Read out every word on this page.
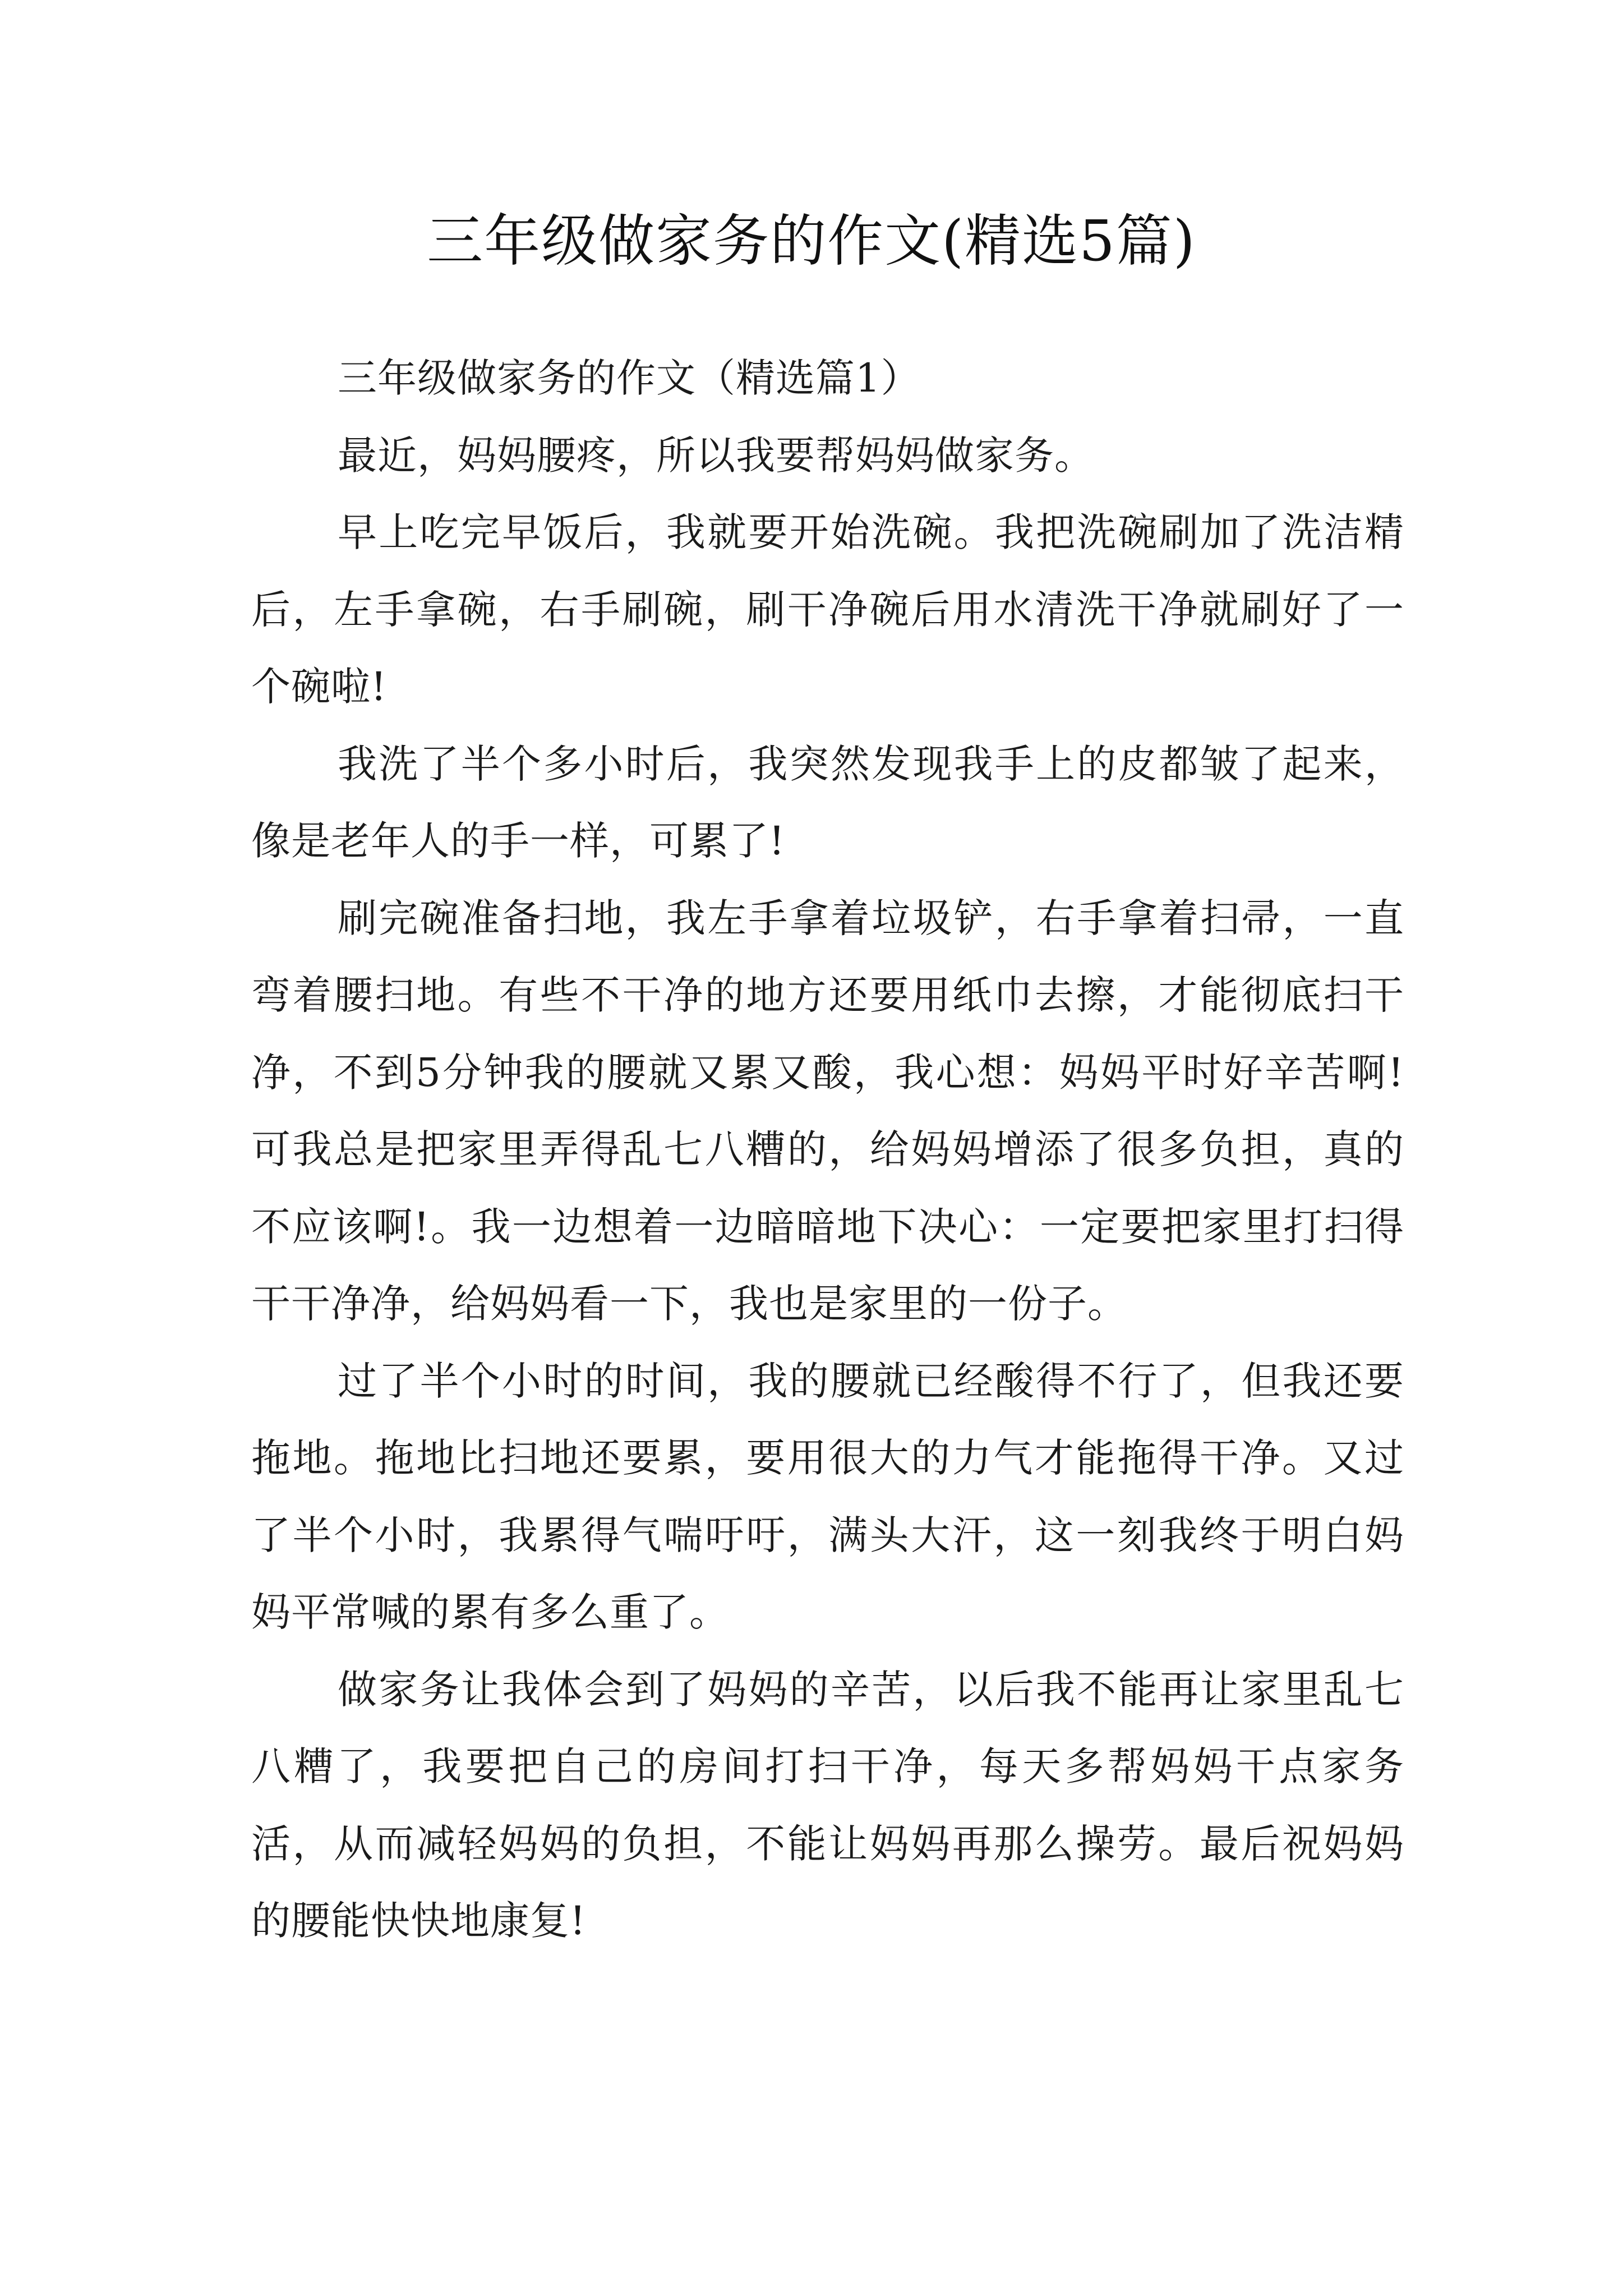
三年级做家务的作文(精选5篇)

三年级做家务的作文（精选篇1）

最近，妈妈腰疼，所以我要帮妈妈做家务。

早上吃完早饭后，我就要开始洗碗。我把洗碗刷加了洗洁精后，左手拿碗，右手刷碗，刷干净碗后用水清洗干净就刷好了一个碗啦!

我洗了半个多小时后，我突然发现我手上的皮都皱了起来，像是老年人的手一样，可累了!

刷完碗准备扫地，我左手拿着垃圾铲，右手拿着扫帚，一直弯着腰扫地。有些不干净的地方还要用纸巾去擦，才能彻底扫干净，不到5分钟我的腰就又累又酸，我心想：妈妈平时好辛苦啊!可我总是把家里弄得乱七八糟的，给妈妈增添了很多负担，真的不应该啊!。我一边想着一边暗暗地下决心：一定要把家里打扫得干干净净，给妈妈看一下，我也是家里的一份子。

过了半个小时的时间，我的腰就已经酸得不行了，但我还要拖地。拖地比扫地还要累，要用很大的力气才能拖得干净。又过了半个小时，我累得气喘吁吁，满头大汗，这一刻我终于明白妈妈平常喊的累有多么重了。

做家务让我体会到了妈妈的辛苦，以后我不能再让家里乱七八糟了，我要把自己的房间打扫干净，每天多帮妈妈干点家务活，从而减轻妈妈的负担，不能让妈妈再那么操劳。最后祝妈妈的腰能快快地康复!
